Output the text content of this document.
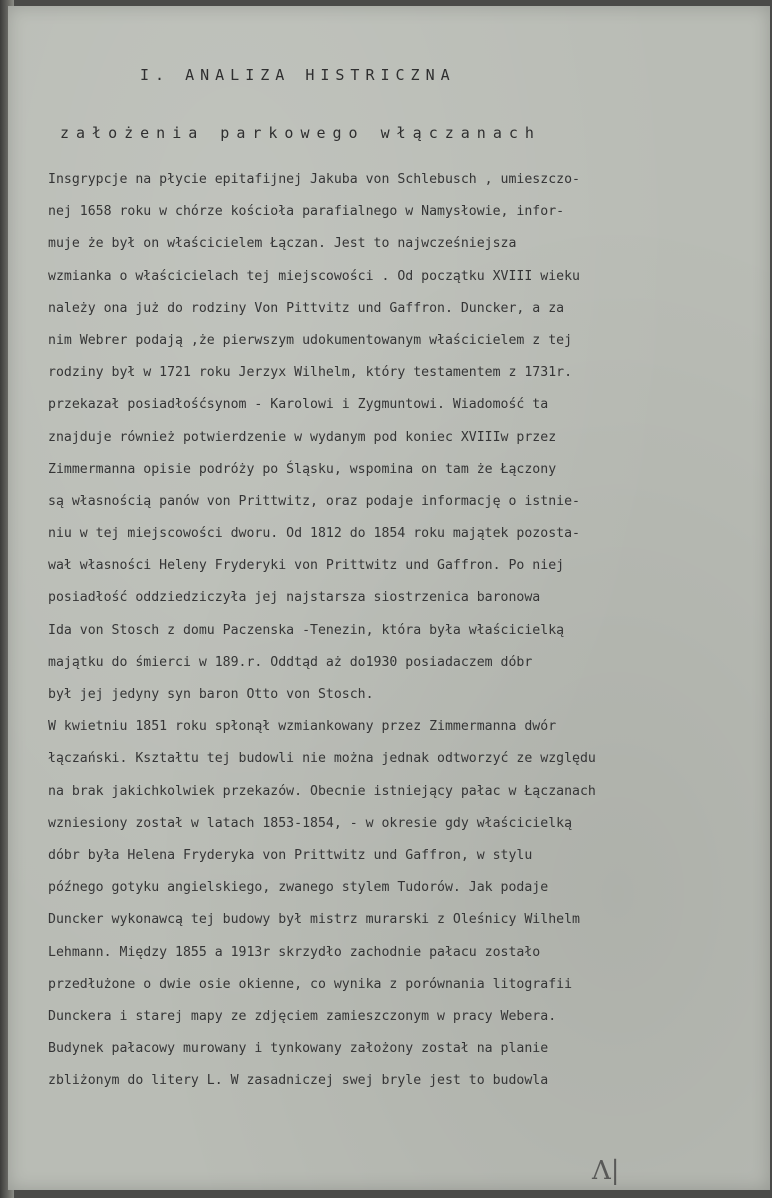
I. ANALIZA HISTRICZNA
założenia parkowego włączanach
Insgrypcje na płycie epitafijnej Jakuba von Schlebusch , umieszczo-
nej 1658 roku w chórze kościoła parafialnego w Namysłowie, infor-
muje że był on właścicielem Łączan. Jest to najwcześniejsza
wzmianka o właścicielach tej miejscowości . Od początku XVIII wieku
należy ona już do rodziny Von Pittvitz und Gaffron. Duncker, a za
nim Webrer podają ,że pierwszym udokumentowanym właścicielem z tej
rodziny był w 1721 roku Jerzyx Wilhelm, który testamentem z 1731r.
przekazał posiadłośćsynom - Karolowi i Zygmuntowi. Wiadomość ta
znajduje również potwierdzenie w wydanym pod koniec XVIIIw przez
Zimmermanna opisie podróży po Śląsku, wspomina on tam że Łączony
są własnością panów von Prittwitz, oraz podaje informację o istnie-
niu w tej miejscowości dworu. Od 1812 do 1854 roku majątek pozosta-
wał własności Heleny Fryderyki von Prittwitz und Gaffron. Po niej
posiadłość oddziedziczyła jej najstarsza siostrzenica baronowa
Ida von Stosch z domu Paczenska -Tenezin, która była właścicielką
majątku do śmierci w 189.r. Oddtąd aż do1930 posiadaczem dóbr
był jej jedyny syn baron Otto von Stosch.
W kwietniu 1851 roku spłonął wzmiankowany przez Zimmermanna dwór
łączański. Kształtu tej budowli nie można jednak odtworzyć ze względu
na brak jakichkolwiek przekazów. Obecnie istniejący pałac w Łączanach
wzniesiony został w latach 1853-1854, - w okresie gdy właścicielką
dóbr była Helena Fryderyka von Prittwitz und Gaffron, w stylu
późnego gotyku angielskiego, zwanego stylem Tudorów. Jak podaje
Duncker wykonawcą tej budowy był mistrz murarski z Oleśnicy Wilhelm
Lehmann. Między 1855 a 1913r skrzydło zachodnie pałacu zostało
przedłużone o dwie osie okienne, co wynika z porównania litografii
Dunckera i starej mapy ze zdjęciem zamieszczonym w pracy Webera.
Budynek pałacowy murowany i tynkowany założony został na planie
zbliżonym do litery L. W zasadniczej swej bryle jest to budowla
Λ|
